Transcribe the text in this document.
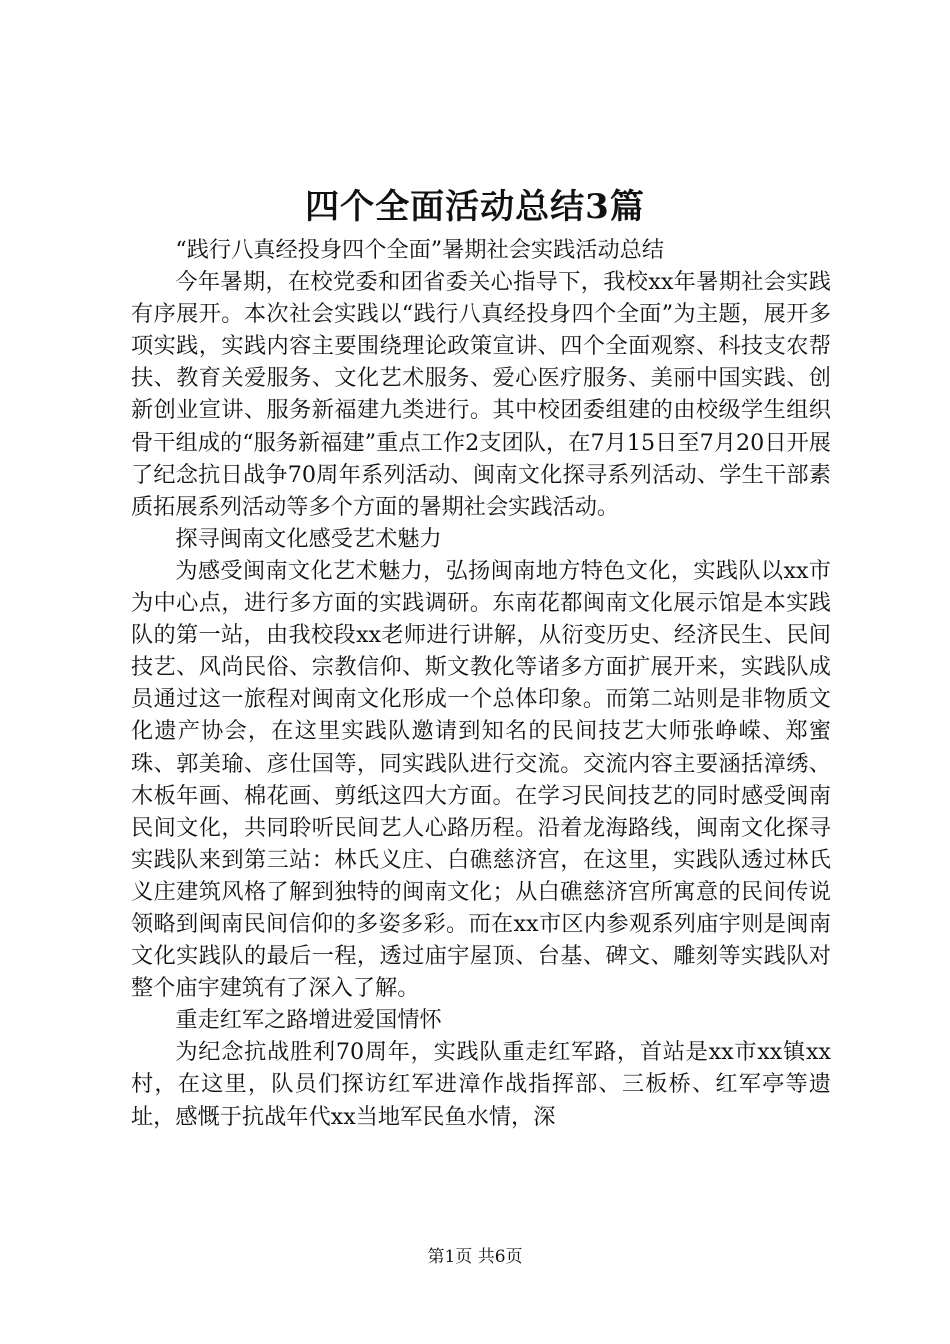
四个全面活动总结3篇

“践行八真经投身四个全面”暑期社会实践活动总结

今年暑期，在校党委和团省委关心指导下，我校xx年暑期社会实践有序展开。本次社会实践以“践行八真经投身四个全面”为主题，展开多项实践，实践内容主要围绕理论政策宣讲、四个全面观察、科技支农帮扶、教育关爱服务、文化艺术服务、爱心医疗服务、美丽中国实践、创新创业宣讲、服务新福建九类进行。其中校团委组建的由校级学生组织骨干组成的“服务新福建”重点工作2支团队，在7月15日至7月20日开展了纪念抗日战争70周年系列活动、闽南文化探寻系列活动、学生干部素质拓展系列活动等多个方面的暑期社会实践活动。

探寻闽南文化感受艺术魅力

为感受闽南文化艺术魅力，弘扬闽南地方特色文化，实践队以xx市为中心点，进行多方面的实践调研。东南花都闽南文化展示馆是本实践队的第一站，由我校段xx老师进行讲解，从衍变历史、经济民生、民间技艺、风尚民俗、宗教信仰、斯文教化等诸多方面扩展开来，实践队成员通过这一旅程对闽南文化形成一个总体印象。而第二站则是非物质文化遗产协会，在这里实践队邀请到知名的民间技艺大师张峥嵘、郑蜜珠、郭美瑜、彦仕国等，同实践队进行交流。交流内容主要涵括漳绣、木板年画、棉花画、剪纸这四大方面。在学习民间技艺的同时感受闽南民间文化，共同聆听民间艺人心路历程。沿着龙海路线，闽南文化探寻实践队来到第三站：林氏义庄、白礁慈济宫，在这里，实践队透过林氏义庄建筑风格了解到独特的闽南文化；从白礁慈济宫所寓意的民间传说领略到闽南民间信仰的多姿多彩。而在xx市区内参观系列庙宇则是闽南文化实践队的最后一程，透过庙宇屋顶、台基、碑文、雕刻等实践队对整个庙宇建筑有了深入了解。

重走红军之路增进爱国情怀

为纪念抗战胜利70周年，实践队重走红军路，首站是xx市xx镇xx村，在这里，队员们探访红军进漳作战指挥部、三板桥、红军亭等遗址，感慨于抗战年代xx当地军民鱼水情，深

第1页 共6页
